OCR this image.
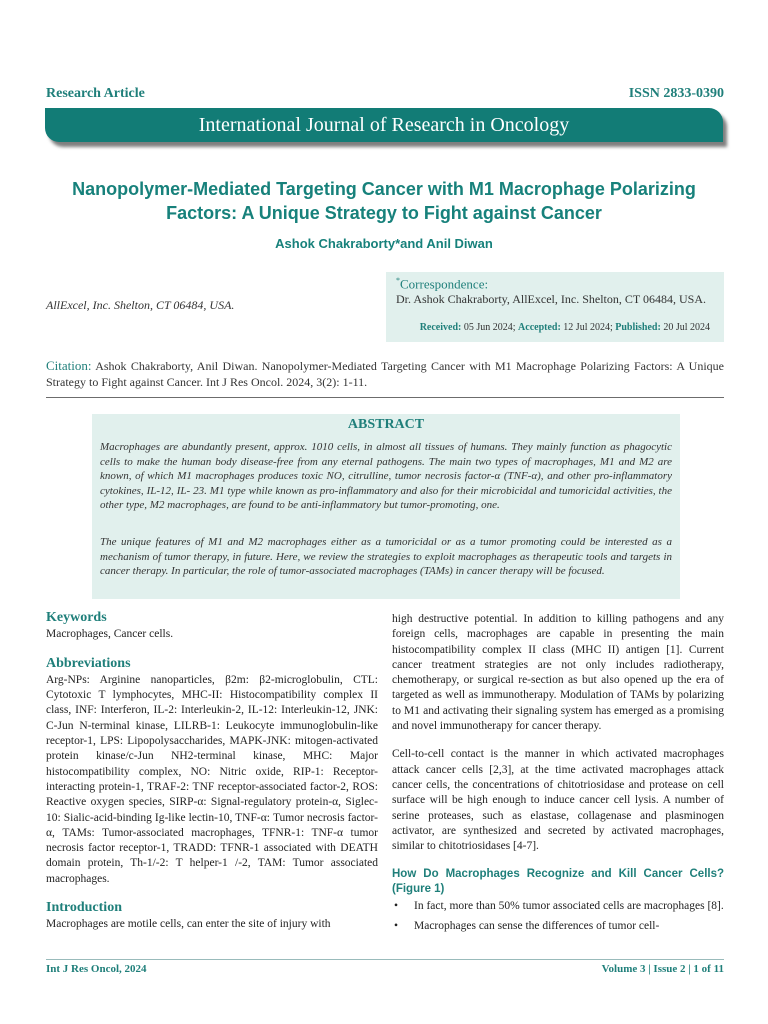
Research Article	ISSN 2833-0390
International Journal of Research in Oncology
Nanopolymer-Mediated Targeting Cancer with M1 Macrophage Polarizing
Factors: A Unique Strategy to Fight against Cancer
Ashok Chakraborty*and Anil Diwan
AllExcel, Inc. Shelton, CT 06484, USA.
*Correspondence:
Dr. Ashok Chakraborty, AllExcel, Inc. Shelton, CT 06484, USA.
Received: 05 Jun 2024; Accepted: 12 Jul 2024; Published: 20 Jul 2024
Citation: Ashok Chakraborty, Anil Diwan. Nanopolymer-Mediated Targeting Cancer with M1 Macrophage Polarizing Factors: A Unique Strategy to Fight against Cancer. Int J Res Oncol. 2024, 3(2): 1-11.
ABSTRACT
Macrophages are abundantly present, approx. 1010 cells, in almost all tissues of humans. They mainly function as phagocytic cells to make the human body disease-free from any eternal pathogens. The main two types of macrophages, M1 and M2 are known, of which M1 macrophages produces toxic NO, citrulline, tumor necrosis factor-α (TNF-α), and other pro-inflammatory cytokines, IL-12, IL- 23. M1 type while known as pro-inflammatory and also for their microbicidal and tumoricidal activities, the other type, M2 macrophages, are found to be anti-inflammatory but tumor-promoting, one.
The unique features of M1 and M2 macrophages either as a tumoricidal or as a tumor promoting could be interested as a mechanism of tumor therapy, in future. Here, we review the strategies to exploit macrophages as therapeutic tools and targets in cancer therapy. In particular, the role of tumor-associated macrophages (TAMs) in cancer therapy will be focused.
Keywords
Macrophages, Cancer cells.
Abbreviations
Arg-NPs: Arginine nanoparticles, β2m: β2-microglobulin, CTL: Cytotoxic T lymphocytes, MHC-II: Histocompatibility complex II class, INF: Interferon, IL-2: Interleukin-2, IL-12: Interleukin-12, JNK: C-Jun N-terminal kinase, LILRB-1: Leukocyte immunoglobulin-like receptor-1, LPS: Lipopolysaccharides, MAPK-JNK: mitogen-activated protein kinase/c-Jun NH2-terminal kinase, MHC: Major histocompatibility complex, NO: Nitric oxide, RIP-1: Receptor-interacting protein-1, TRAF-2: TNF receptor-associated factor-2, ROS: Reactive oxygen species, SIRP-α: Signal-regulatory protein-α, Siglec-10: Sialic-acid-binding Ig-like lectin-10, TNF-α: Tumor necrosis factor-α, TAMs: Tumor-associated macrophages, TFNR-1: TNF-α tumor necrosis factor receptor-1, TRADD: TFNR-1 associated with DEATH domain protein, Th-1/-2: T helper-1 /-2, TAM: Tumor associated macrophages.
Introduction
Macrophages are motile cells, can enter the site of injury with
high destructive potential. In addition to killing pathogens and any foreign cells, macrophages are capable in presenting the main histocompatibility complex II class (MHC II) antigen [1]. Current cancer treatment strategies are not only includes radiotherapy, chemotherapy, or surgical re-section as but also opened up the era of targeted as well as immunotherapy. Modulation of TAMs by polarizing to M1 and activating their signaling system has emerged as a promising and novel immunotherapy for cancer therapy.
Cell-to-cell contact is the manner in which activated macrophages attack cancer cells [2,3], at the time activated macrophages attack cancer cells, the concentrations of chitotriosidase and protease on cell surface will be high enough to induce cancer cell lysis. A number of serine proteases, such as elastase, collagenase and plasminogen activator, are synthesized and secreted by activated macrophages, similar to chitotriosidases [4-7].
How Do Macrophages Recognize and Kill Cancer Cells? (Figure 1)
• In fact, more than 50% tumor associated cells are macrophages [8].
• Macrophages can sense the differences of tumor cell-
Int J Res Oncol, 2024	Volume 3 | Issue 2 | 1 of 11
